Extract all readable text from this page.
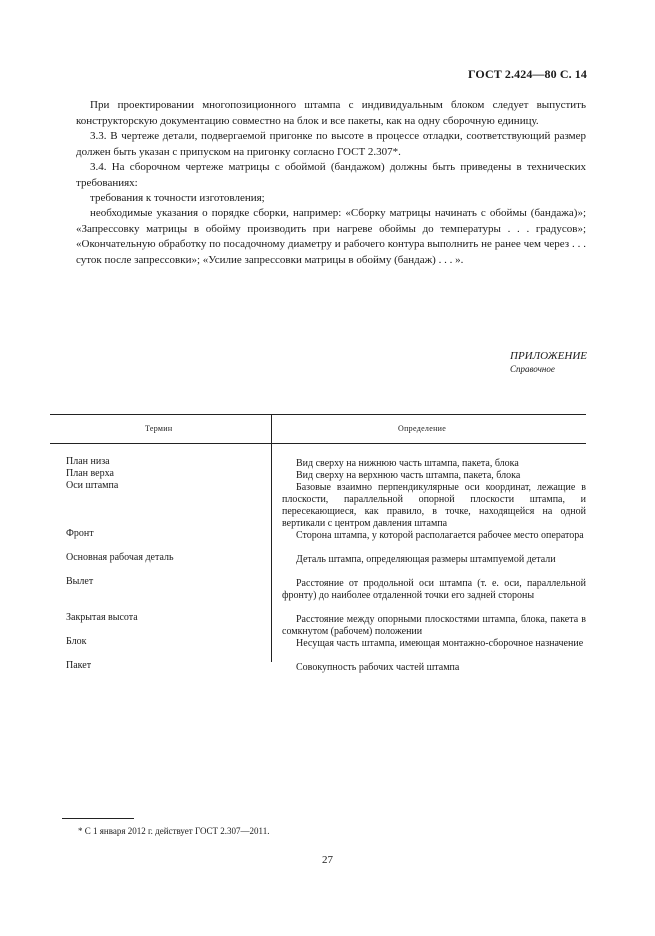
ГОСТ 2.424—80 С. 14

При проектировании многопозиционного штампа с индивидуальным блоком следует выпустить конструкторскую документацию совместно на блок и все пакеты, как на одну сборочную единицу.

3.3. В чертеже детали, подвергаемой пригонке по высоте в процессе отладки, соответствующий размер должен быть указан с припуском на пригонку согласно ГОСТ 2.307*.

3.4. На сборочном чертеже матрицы с обоймой (бандажом) должны быть приведены в технических требованиях:

требования к точности изготовления;

необходимые указания о порядке сборки, например: «Сборку матрицы начинать с обоймы (бандажа)»; «Запрессовку матрицы в обойму производить при нагреве обоймы до температуры . . . градусов»; «Окончательную обработку по посадочному диаметру и рабочего контура выполнить не ранее чем через . . . суток после запрессовки»; «Усилие запрессовки матрицы в обойму (бандаж) . . . ».

ПРИЛОЖЕНИЕ
Справочное
Термин	Определение
План низа
План верха
Оси штампа
Фронт
Основная рабочая деталь
Вылет
Закрытая высота
Блок
Пакет

Вид сверху на нижнюю часть штампа, пакета, блока

Вид сверху на верхнюю часть штампа, пакета, блока

Базовые взаимно перпендикулярные оси координат, лежащие в плоскости, параллельной опорной плоскости штампа, и пересекающиеся, как правило, в точке, находящейся на одной вертикали с центром давления штампа

Сторона штампа, у которой располагается рабочее место оператора

Деталь штампа, определяющая размеры штампуемой детали

Расстояние от продольной оси штампа (т. е. оси, параллельной фронту) до наиболее отдаленной точки его задней стороны

Расстояние между опорными плоскостями штампа, блока, пакета в сомкнутом (рабочем) положении

Несущая часть штампа, имеющая монтажно-сборочное назначение

Совокупность рабочих частей штампа

* С 1 января 2012 г. действует ГОСТ 2.307—2011.
27
